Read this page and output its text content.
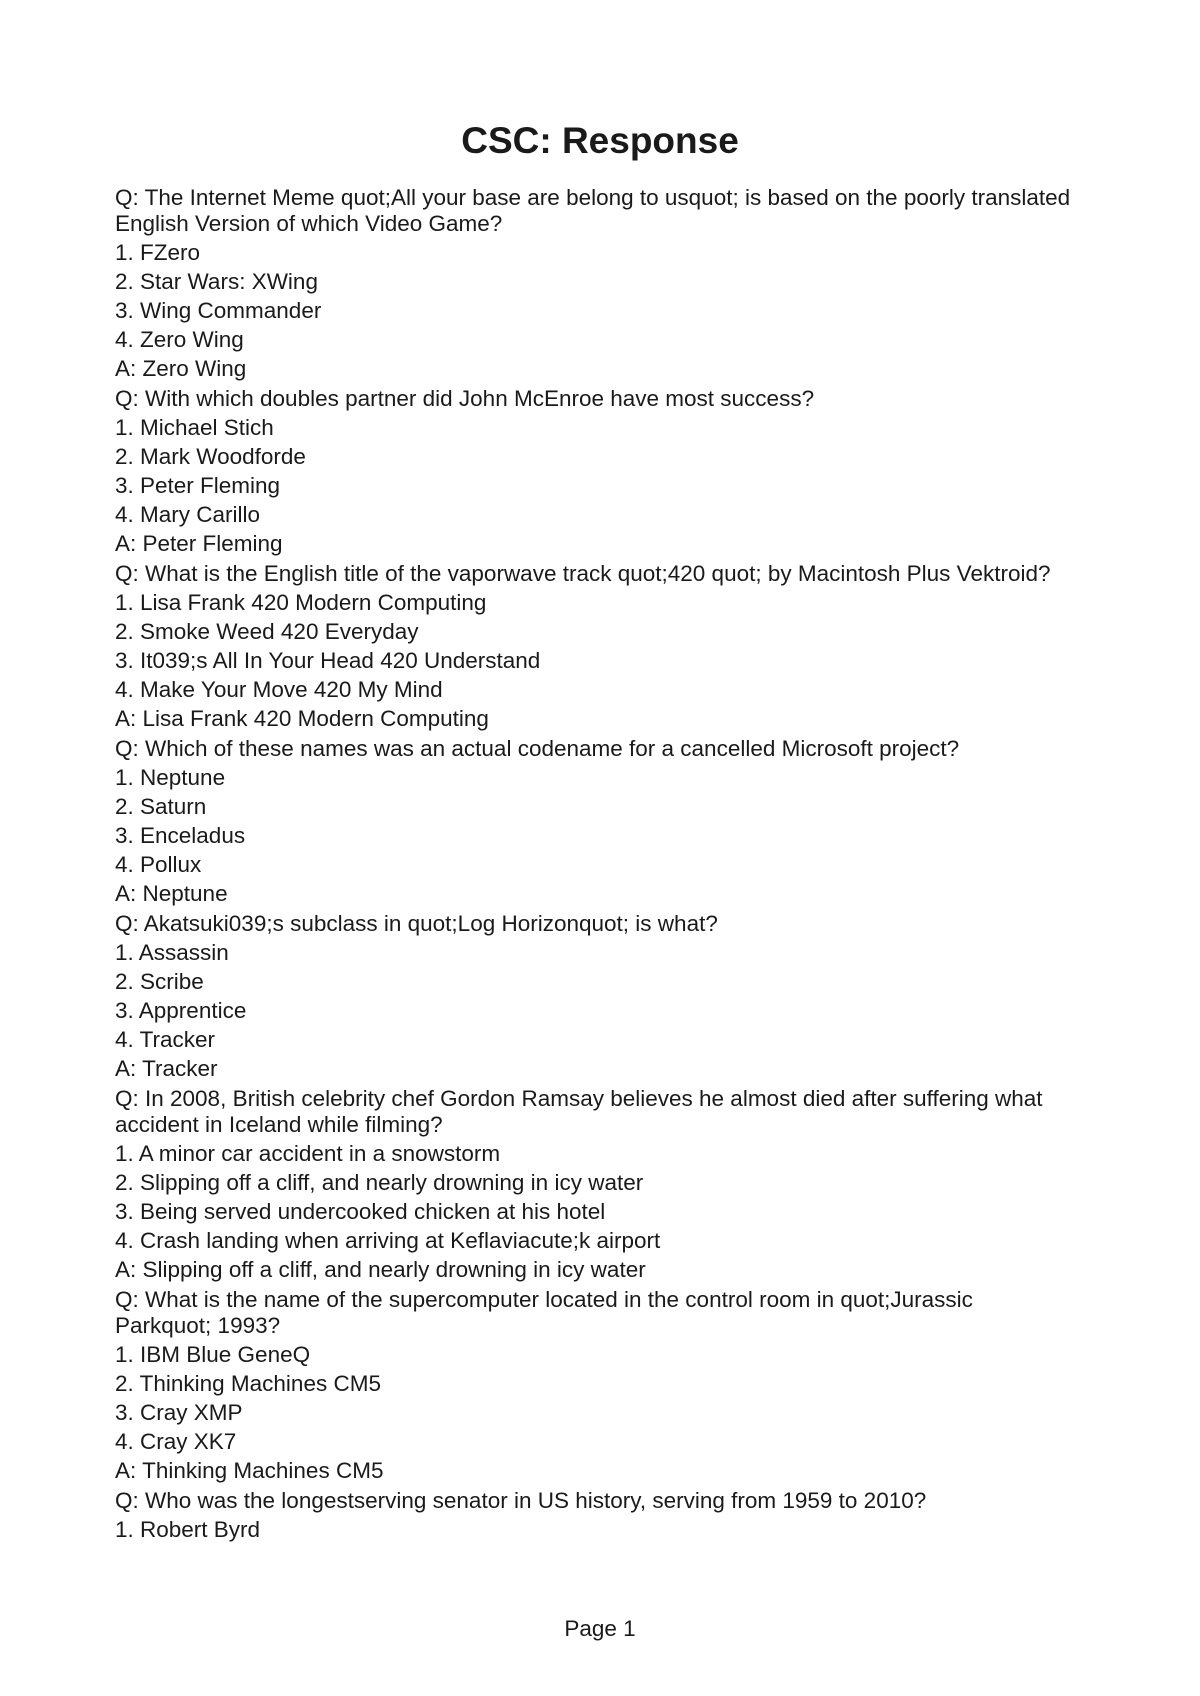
CSC: Response

Q: The Internet Meme quot;All your base are belong to usquot; is based on the poorly translated English Version of which Video Game?

1. FZero

2. Star Wars: XWing

3. Wing Commander

4. Zero Wing

A: Zero Wing

Q: With which doubles partner did John McEnroe have most success?

1. Michael Stich

2. Mark Woodforde

3. Peter Fleming

4. Mary Carillo

A: Peter Fleming

Q: What is the English title of the vaporwave track quot;420 quot; by Macintosh Plus Vektroid?

1. Lisa Frank 420 Modern Computing

2. Smoke Weed 420 Everyday

3. It039;s All In Your Head 420 Understand

4. Make Your Move 420 My Mind

A: Lisa Frank 420 Modern Computing

Q: Which of these names was an actual codename for a cancelled Microsoft project?

1. Neptune

2. Saturn

3. Enceladus

4. Pollux

A: Neptune

Q: Akatsuki039;s subclass in quot;Log Horizonquot; is what?

1. Assassin

2. Scribe

3. Apprentice

4. Tracker

A: Tracker

Q: In 2008, British celebrity chef Gordon Ramsay believes he almost died after suffering what accident in Iceland while filming?

1. A minor car accident in a snowstorm

2. Slipping off a cliff, and nearly drowning in icy water

3. Being served undercooked chicken at his hotel

4. Crash landing when arriving at Keflaviacute;k airport

A: Slipping off a cliff, and nearly drowning in icy water

Q: What is the name of the supercomputer located in the control room in quot;Jurassic Parkquot; 1993?

1. IBM Blue GeneQ

2. Thinking Machines CM5

3. Cray XMP

4. Cray XK7

A: Thinking Machines CM5

Q: Who was the longestserving senator in US history, serving from 1959 to 2010?

1. Robert Byrd

Page 1
